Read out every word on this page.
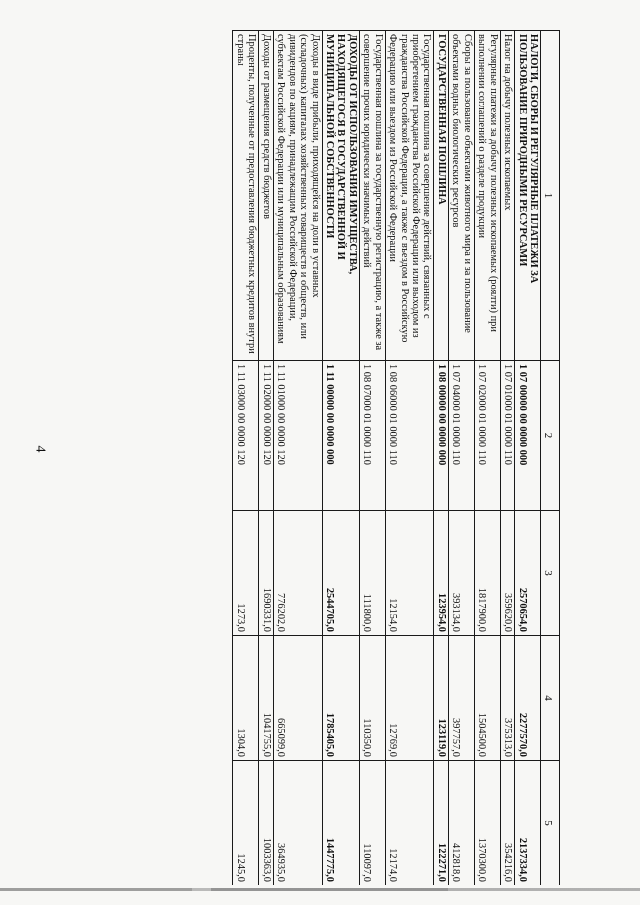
4
1	2	3	4	5
НАЛОГИ, СБОРЫ И РЕГУЛЯРНЫЕ ПЛАТЕЖИ ЗА ПОЛЬЗОВАНИЕ ПРИРОДНЫМИ РЕСУРСАМИ	1 07 00000 00 0000 000	2570654,0	2277570,0	2137334,0
Налог на добычу полезных ископаемых	1 07 01000 01 0000 110	359620,0	375313,0	354216,0
Регулярные платежи за добычу полезных ископаемых (роялти) при выполнении соглашений о разделе продукции	1 07 02000 01 0000 110	1817900,0	1504500,0	1370300,0
Сборы за пользование объектами животного мира и за пользование объектами водных биологических ресурсов	1 07 04000 01 0000 110	393134,0	397757,0	412818,0
ГОСУДАРСТВЕННАЯ ПОШЛИНА	1 08 00000 00 0000 000	123954,0	123119,0	122271,0
Государственная пошлина за совершение действий, связанных с приобретением гражданства Российской Федерации или выходом из гражданства Российской Федерации, а также с въездом в Российскую Федерацию или выездом из Российской Федерации	1 08 06000 01 0000 110	12154,0	12769,0	12174,0
Государственная пошлина за государственную регистрацию, а также за совершение прочих юридически значимых действий	1 08 07000 01 0000 110	111800,0	110350,0	110097,0
ДОХОДЫ ОТ ИСПОЛЬЗОВАНИЯ ИМУЩЕСТВА, НАХОДЯЩЕГОСЯ В ГОСУДАРСТВЕННОЙ И МУНИЦИПАЛЬНОЙ СОБСТВЕННОСТИ	1 11 00000 00 0000 000	2544705,0	1785405,0	1447775,0
Доходы в виде прибыли, приходящейся на доли в уставных (складочных) капиталах хозяйственных товариществ и обществ, или дивидендов по акциям, принадлежащим Российской Федерации, субъектам Российской Федерации или муниципальным образованиям	1 11 01000 00 0000 120	776202,0	665099,0	364935,0
Доходы от размещения средств бюджетов	1 11 02000 00 0000 120	1690331,0	1041755,0	1003363,0
Проценты, полученные от предоставления бюджетных кредитов внутри страны	1 11 03000 00 0000 120	1273,0	1304,0	1245,0
